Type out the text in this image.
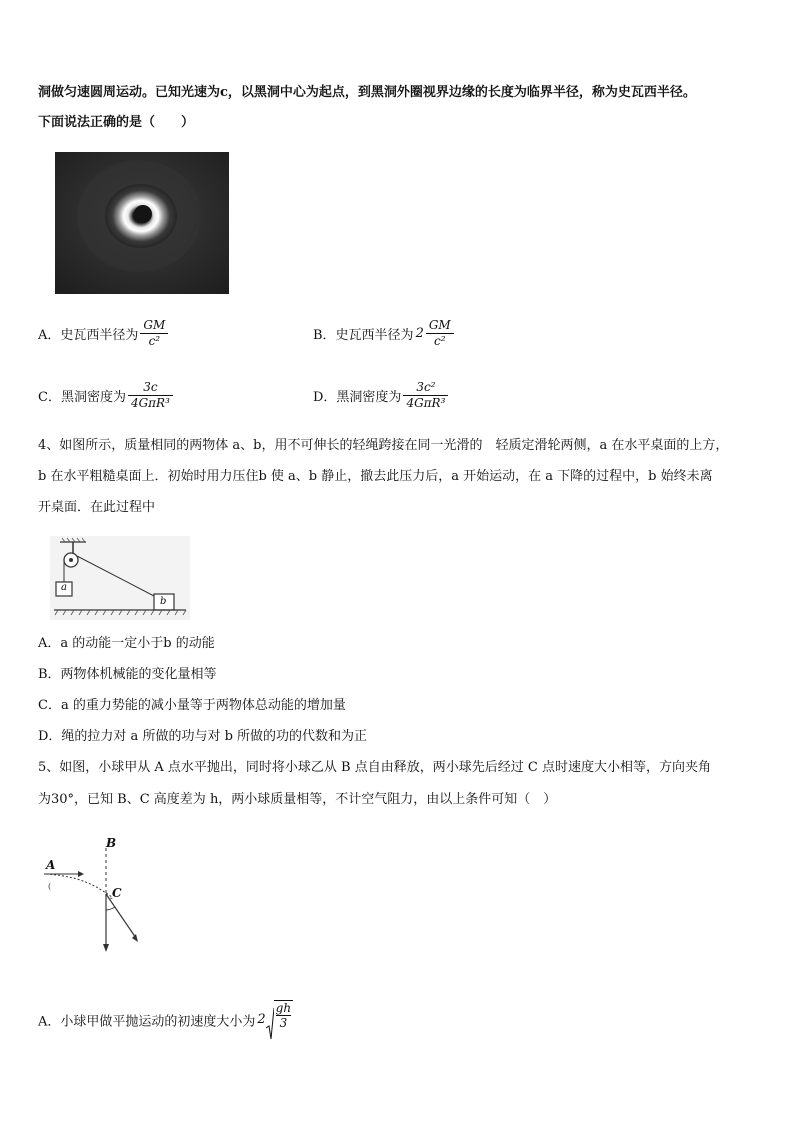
洞做匀速圆周运动。已知光速为c，以黑洞中心为起点，到黑洞外圈视界边缘的长度为临界半径，称为史瓦西半径。
下面说法正确的是（　　）
A．史瓦西半径为 $\frac{GM}{\text{c²}}$	B．史瓦西半径为 $2 \frac{GM}{\text{c²}}$
C．黑洞密度为 $\frac{3c}{\text{4GπR³}}$	D．黑洞密度为 $\frac{\text{3c²}}{\text{4GπR³}}$
4、如图所示，质量相同的两物体 a、b，用不可伸长的轻绳跨接在同一光滑的　轻质定滑轮两侧，a 在水平桌面的上方，
b 在水平粗糙桌面上．初始时用力压住b 使 a、b 静止，撤去此压力后，a 开始运动，在 a 下降的过程中，b 始终未离
开桌面．在此过程中
a
b
A．a 的动能一定小于b 的动能
B．两物体机械能的变化量相等
C．a 的重力势能的减小量等于两物体总动能的增加量
D．绳的拉力对 a 所做的功与对 b 所做的功的代数和为正
5、如图，小球甲从 A 点水平抛出，同时将小球乙从 B 点自由释放，两小球先后经过 C 点时速度大小相等，方向夹角
为30°，已知 B、C 高度差为 h，两小球质量相等，不计空气阻力，由以上条件可知（　）
(
A
B
C
A．小球甲做平抛运动的初速度大小为 $2 \frac{gh}{3}$
